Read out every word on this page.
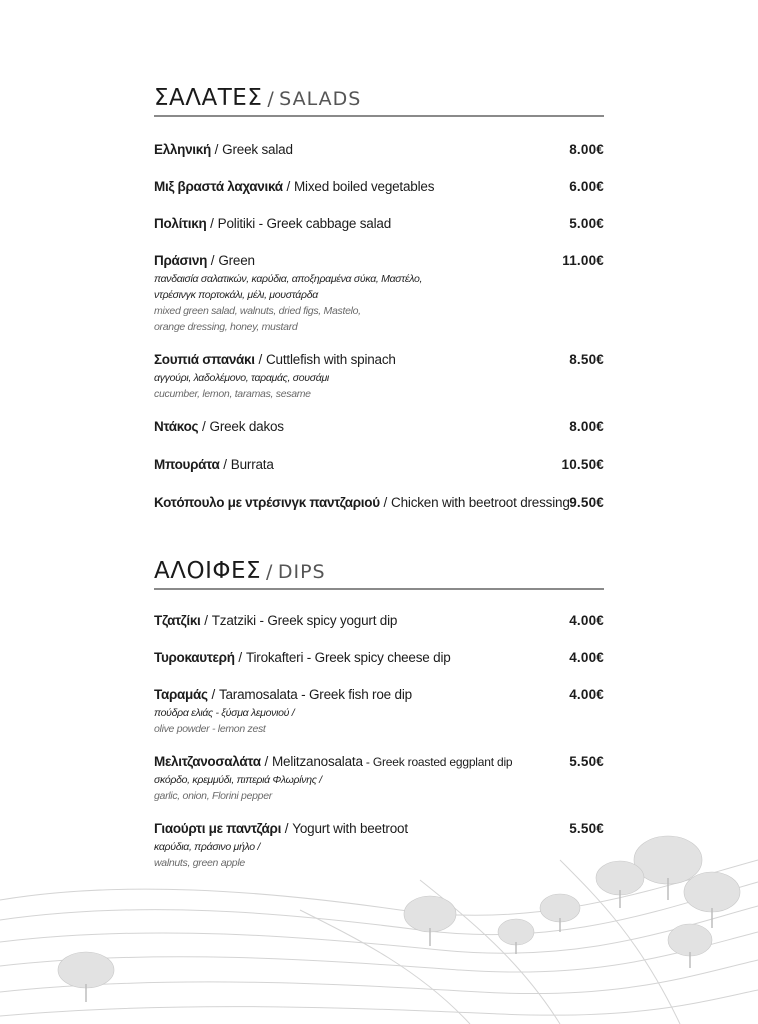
ΣΑΛΑΤΕΣ / SALADS
Ελληνική / Greek salad	8.00€
Μιξ βραστά λαχανικά / Mixed boiled vegetables	6.00€
Πολίτικη / Politiki - Greek cabbage salad	5.00€
Πράσινη / Green	11.00€
πανδαισία σαλατικών, καρύδια, αποξηραμένα σύκα, Μαστέλο,
ντρέσινγκ πορτοκάλι, μέλι, μουστάρδα
mixed green salad, walnuts, dried figs, Mastelo,
orange dressing, honey, mustard
Σουπιά σπανάκι / Cuttlefish with spinach	8.50€
αγγούρι, λαδολέμονο, ταραμάς, σουσάμι
cucumber, lemon, taramas, sesame
Ντάκος / Greek dakos	8.00€
Μπουράτα / Burrata	10.50€
Κοτόπουλο με ντρέσινγκ παντζαριού / Chicken with beetroot dressing 9.50€
ΑΛΟΙΦΕΣ / DIPS
Τζατζίκι / Tzatziki - Greek spicy yogurt dip	4.00€
Τυροκαυτερή / Tirokafteri - Greek spicy cheese dip	4.00€
Ταραμάς / Taramosalata - Greek fish roe dip	4.00€
πούδρα ελιάς - ξύσμα λεμονιού /
olive powder - lemon zest
Μελιτζανοσαλάτα / Melitzanosalata - Greek roasted eggplant dip	5.50€
σκόρδο, κρεμμύδι, πιπεριά Φλωρίνης /
garlic, onion, Florini pepper
Γιαούρτι με παντζάρι / Yogurt with beetroot	5.50€
καρύδια, πράσινο μήλο /
walnuts, green apple
